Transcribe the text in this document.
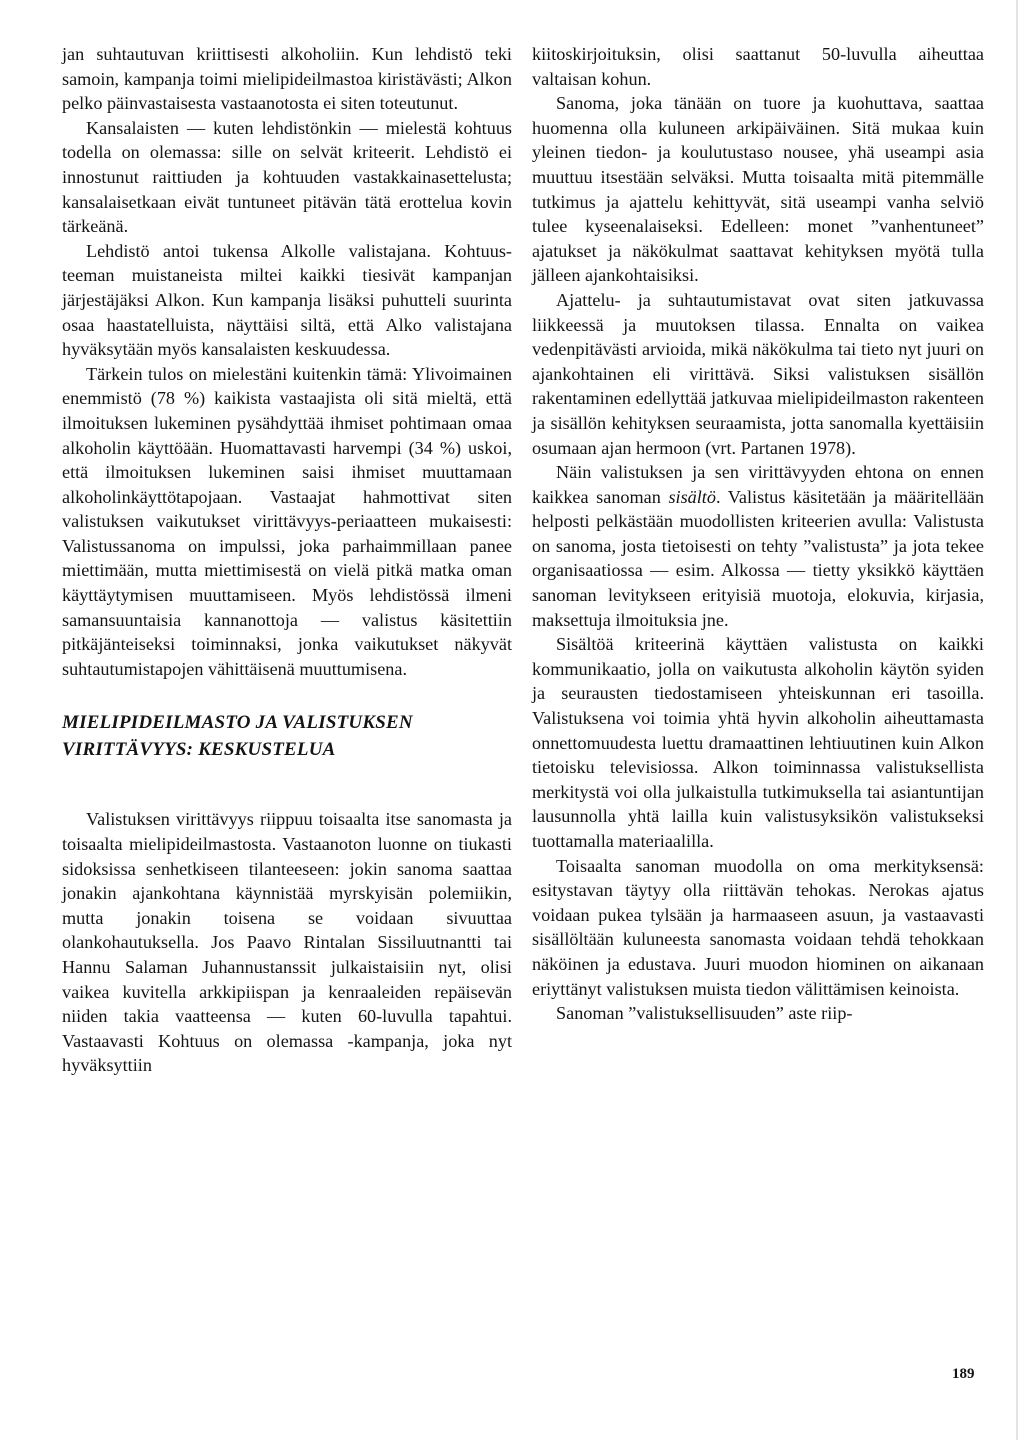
jan suhtautuvan kriittisesti alkoholiin. Kun lehdistö teki samoin, kampanja toimi mielipideilmastoa kiristävästi; Alkon pelko päinvastaisesta vastaanotosta ei siten toteutunut.

Kansalaisten — kuten lehdistönkin — mielestä kohtuus todella on olemassa: sille on selvät kriteerit. Lehdistö ei innostunut raittiuden ja kohtuuden vastakkainasettelusta; kansalaisetkaan eivät tuntuneet pitävän tätä erottelua kovin tärkeänä.

Lehdistö antoi tukensa Alkolle valistajana. Kohtuus-teeman muistaneista miltei kaikki tiesivät kampanjan järjestäjäksi Alkon. Kun kampanja lisäksi puhutteli suurinta osaa haastatelluista, näyttäisi siltä, että Alko valistajana hyväksytään myös kansalaisten keskuudessa.

Tärkein tulos on mielestäni kuitenkin tämä: Ylivoimainen enemmistö (78 %) kaikista vastaajista oli sitä mieltä, että ilmoituksen lukeminen pysähdyttää ihmiset pohtimaan omaa alkoholin käyttöään. Huomattavasti harvempi (34 %) uskoi, että ilmoituksen lukeminen saisi ihmiset muuttamaan alkoholinkäyttötapojaan. Vastaajat hahmottivat siten valistuksen vaikutukset virittävyys-periaatteen mukaisesti: Valistussanoma on impulssi, joka parhaimmillaan panee miettimään, mutta miettimisestä on vielä pitkä matka oman käyttäytymisen muuttamiseen. Myös lehdistössä ilmeni samansuuntaisia kannanottoja — valistus käsitettiin pitkäjänteiseksi toiminnaksi, jonka vaikutukset näkyvät suhtautumistapojen vähittäisenä muuttumisena.

MIELIPIDEILMASTO JA VALISTUKSEN
VIRITTÄVYYS: KESKUSTELUA

Valistuksen virittävyys riippuu toisaalta itse sanomasta ja toisaalta mielipideilmastosta. Vastaanoton luonne on tiukasti sidoksissa senhetkiseen tilanteeseen: jokin sanoma saattaa jonakin ajankohtana käynnistää myrskyisän polemiikin, mutta jonakin toisena se voidaan sivuuttaa olankohautuksella. Jos Paavo Rintalan Sissiluutnantti tai Hannu Salaman Juhannustanssit julkaistaisiin nyt, olisi vaikea kuvitella arkkipiispan ja kenraaleiden repäisevän niiden takia vaatteensa — kuten 60-luvulla tapahtui. Vastaavasti Kohtuus on olemassa -kampanja, joka nyt hyväksyttiin

kiitoskirjoituksin, olisi saattanut 50-luvulla aiheuttaa valtaisan kohun.

Sanoma, joka tänään on tuore ja kuohuttava, saattaa huomenna olla kuluneen arkipäiväinen. Sitä mukaa kuin yleinen tiedon- ja koulutustaso nousee, yhä useampi asia muuttuu itsestään selväksi. Mutta toisaalta mitä pitemmälle tutkimus ja ajattelu kehittyvät, sitä useampi vanha selviö tulee kyseenalaiseksi. Edelleen: monet ”vanhentuneet” ajatukset ja näkökulmat saattavat kehityksen myötä tulla jälleen ajankohtaisiksi.

Ajattelu- ja suhtautumistavat ovat siten jatkuvassa liikkeessä ja muutoksen tilassa. Ennalta on vaikea vedenpitävästi arvioida, mikä näkökulma tai tieto nyt juuri on ajankohtainen eli virittävä. Siksi valistuksen sisällön rakentaminen edellyttää jatkuvaa mielipideilmaston rakenteen ja sisällön kehityksen seuraamista, jotta sanomalla kyettäisiin osumaan ajan hermoon (vrt. Partanen 1978).

Näin valistuksen ja sen virittävyyden ehtona on ennen kaikkea sanoman sisältö. Valistus käsitetään ja määritellään helposti pelkästään muodollisten kriteerien avulla: Valistusta on sanoma, josta tietoisesti on tehty ”valistusta” ja jota tekee organisaatiossa — esim. Alkossa — tietty yksikkö käyttäen sanoman levitykseen erityisiä muotoja, elokuvia, kirjasia, maksettuja ilmoituksia jne.

Sisältöä kriteerinä käyttäen valistusta on kaikki kommunikaatio, jolla on vaikutusta alkoholin käytön syiden ja seurausten tiedostamiseen yhteiskunnan eri tasoilla. Valistuksena voi toimia yhtä hyvin alkoholin aiheuttamasta onnettomuudesta luettu dramaattinen lehtiuutinen kuin Alkon tietoisku televisiossa. Alkon toiminnassa valistuksellista merkitystä voi olla julkaistulla tutkimuksella tai asiantuntijan lausunnolla yhtä lailla kuin valistusyksikön valistukseksi tuottamalla materiaalilla.

Toisaalta sanoman muodolla on oma merkityksensä: esitystavan täytyy olla riittävän tehokas. Nerokas ajatus voidaan pukea tylsään ja harmaaseen asuun, ja vastaavasti sisällöltään kuluneesta sanomasta voidaan tehdä tehokkaan näköinen ja edustava. Juuri muodon hiominen on aikanaan eriyttänyt valistuksen muista tiedon välittämisen keinoista.

Sanoman ”valistuksellisuuden” aste riip-

189
